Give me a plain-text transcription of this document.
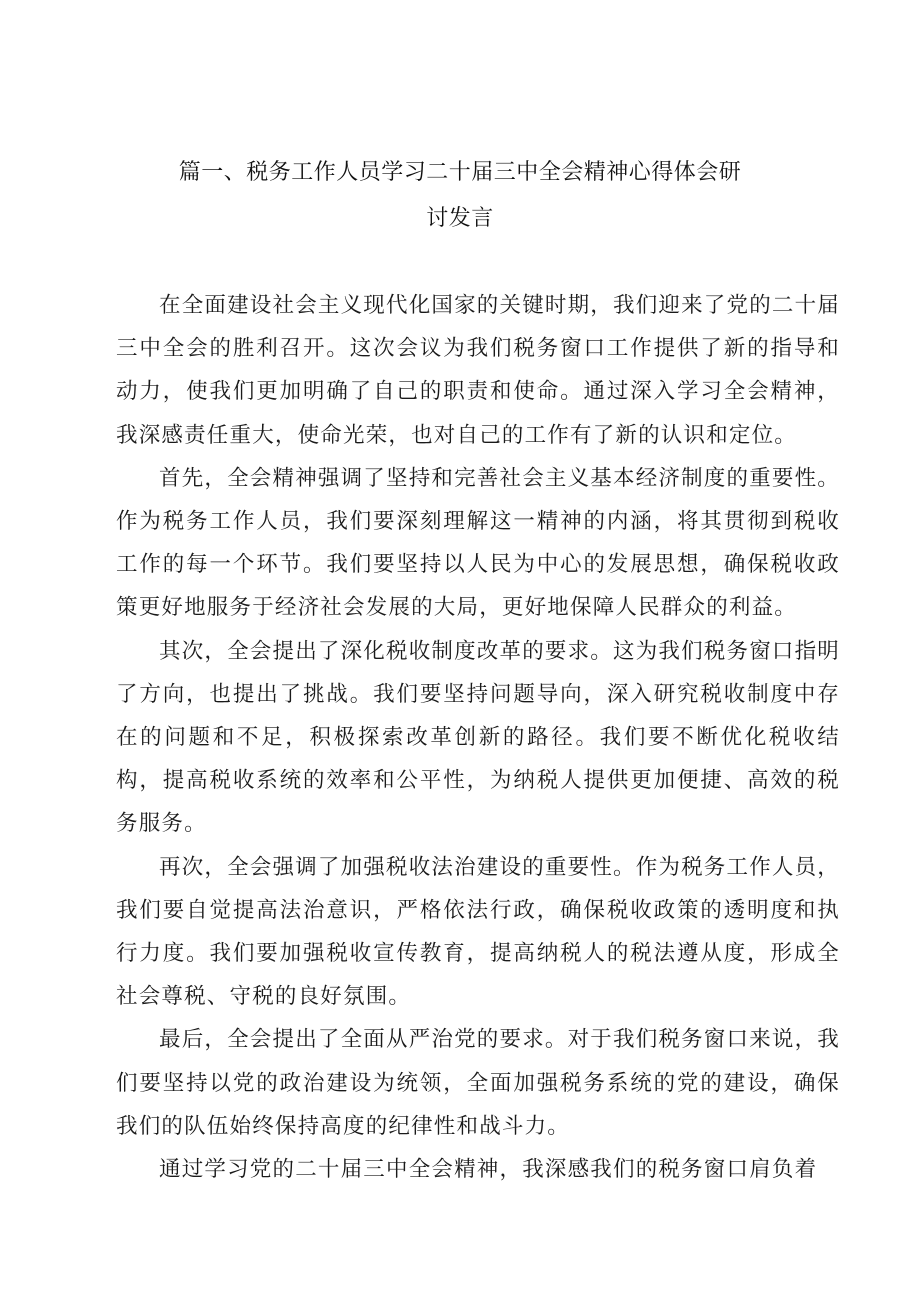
篇一、税务工作人员学习二十届三中全会精神心得体会研
讨发言

在全面建设社会主义现代化国家的关键时期，我们迎来了党的二十届三中全会的胜利召开。这次会议为我们税务窗口工作提供了新的指导和动力，使我们更加明确了自己的职责和使命。通过深入学习全会精神，我深感责任重大，使命光荣，也对自己的工作有了新的认识和定位。

首先，全会精神强调了坚持和完善社会主义基本经济制度的重要性。作为税务工作人员，我们要深刻理解这一精神的内涵，将其贯彻到税收工作的每一个环节。我们要坚持以人民为中心的发展思想，确保税收政策更好地服务于经济社会发展的大局，更好地保障人民群众的利益。

其次，全会提出了深化税收制度改革的要求。这为我们税务窗口指明了方向，也提出了挑战。我们要坚持问题导向，深入研究税收制度中存在的问题和不足，积极探索改革创新的路径。我们要不断优化税收结构，提高税收系统的效率和公平性，为纳税人提供更加便捷、高效的税务服务。

再次，全会强调了加强税收法治建设的重要性。作为税务工作人员，我们要自觉提高法治意识，严格依法行政，确保税收政策的透明度和执行力度。我们要加强税收宣传教育，提高纳税人的税法遵从度，形成全社会尊税、守税的良好氛围。

最后，全会提出了全面从严治党的要求。对于我们税务窗口来说，我们要坚持以党的政治建设为统领，全面加强税务系统的党的建设，确保我们的队伍始终保持高度的纪律性和战斗力。

通过学习党的二十届三中全会精神，我深感我们的税务窗口肩负着
